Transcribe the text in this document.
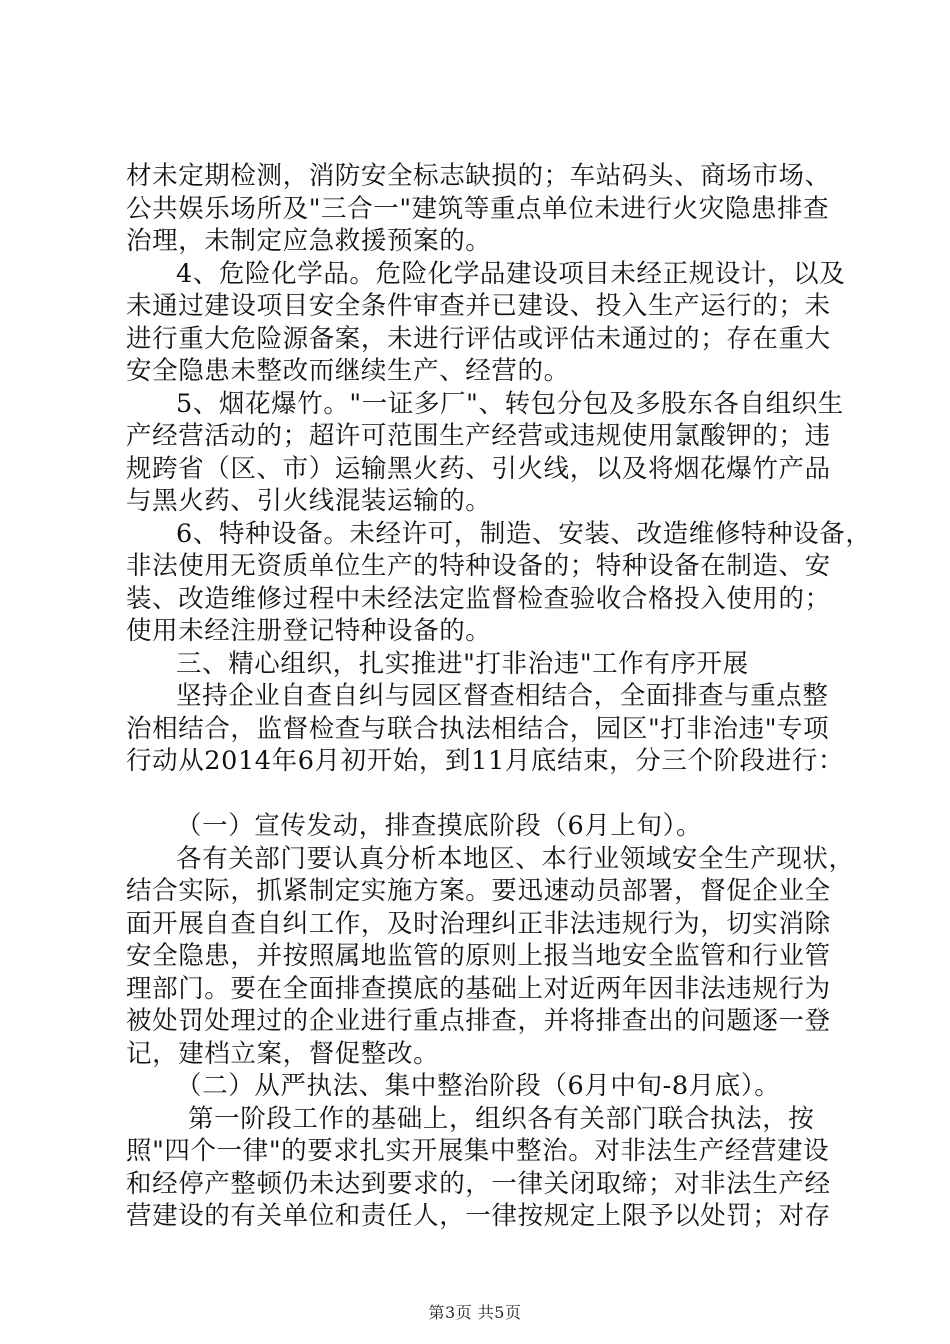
材未定期检测，消防安全标志缺损的；车站码头、商场市场、
公共娱乐场所及"三合一"建筑等重点单位未进行火灾隐患排查
治理，未制定应急救援预案的。
4、危险化学品。危险化学品建设项目未经正规设计，以及
未通过建设项目安全条件审查并已建设、投入生产运行的；未
进行重大危险源备案，未进行评估或评估未通过的；存在重大
安全隐患未整改而继续生产、经营的。
5、烟花爆竹。"一证多厂"、转包分包及多股东各自组织生
产经营活动的；超许可范围生产经营或违规使用氯酸钾的；违
规跨省（区、市）运输黑火药、引火线，以及将烟花爆竹产品
与黑火药、引火线混装运输的。
6、特种设备。未经许可，制造、安装、改造维修特种设备，
非法使用无资质单位生产的特种设备的；特种设备在制造、安
装、改造维修过程中未经法定监督检查验收合格投入使用的；
使用未经注册登记特种设备的。
三、精心组织，扎实推进"打非治违"工作有序开展
坚持企业自查自纠与园区督查相结合，全面排查与重点整
治相结合，监督检查与联合执法相结合，园区"打非治违"专项
行动从2014年6月初开始，到11月底结束，分三个阶段进行：
（一）宣传发动，排查摸底阶段（6月上旬）。
各有关部门要认真分析本地区、本行业领域安全生产现状，
结合实际，抓紧制定实施方案。要迅速动员部署，督促企业全
面开展自查自纠工作，及时治理纠正非法违规行为，切实消除
安全隐患，并按照属地监管的原则上报当地安全监管和行业管
理部门。要在全面排查摸底的基础上对近两年因非法违规行为
被处罚处理过的企业进行重点排查，并将排查出的问题逐一登
记，建档立案，督促整改。
（二）从严执法、集中整治阶段（6月中旬-8月底）。
第一阶段工作的基础上，组织各有关部门联合执法，按
照"四个一律"的要求扎实开展集中整治。对非法生产经营建设
和经停产整顿仍未达到要求的，一律关闭取缔；对非法生产经
营建设的有关单位和责任人，一律按规定上限予以处罚；对存
第3页 共5页
